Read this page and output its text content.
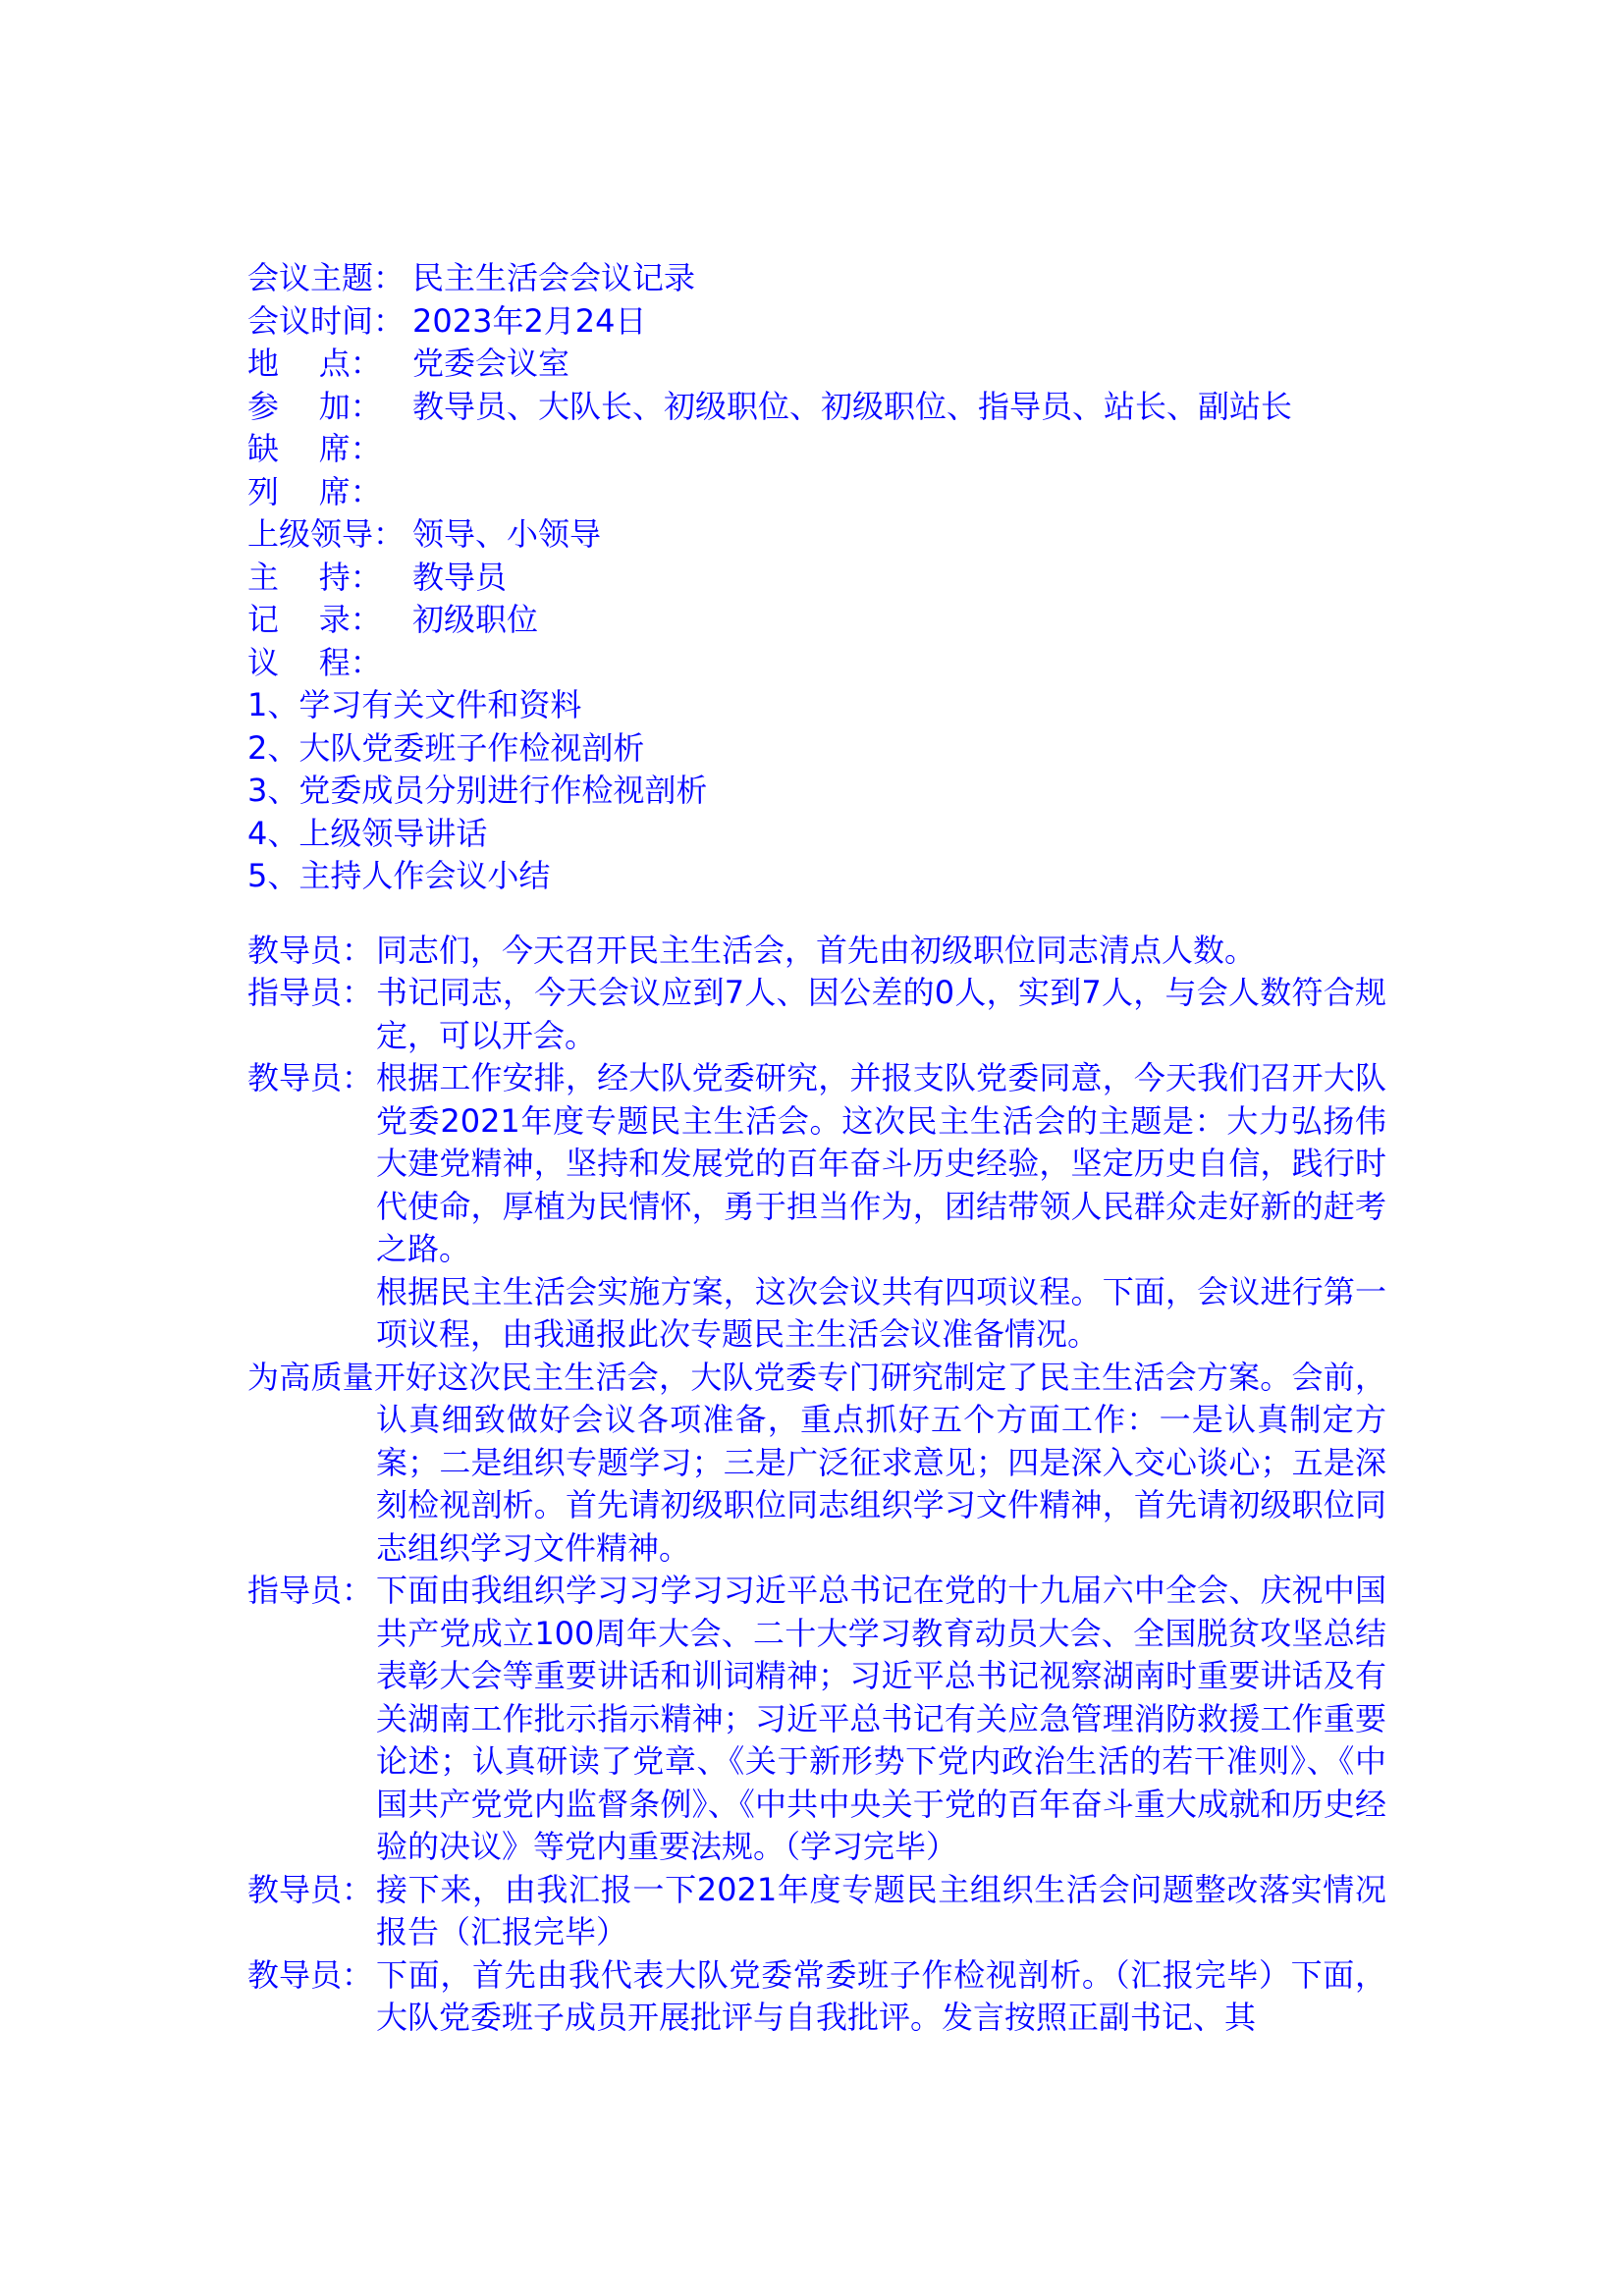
会议主题： 民主生活会会议记录
会议时间： 2023年2月24日
地    点： 党委会议室
参    加： 教导员、大队长、初级职位、初级职位、指导员、站长、副站长
缺    席：
列    席：
上级领导： 领导、小领导
主    持： 教导员
记    录： 初级职位
议    程：
1、学习有关文件和资料
2、大队党委班子作检视剖析
3、党委成员分别进行作检视剖析
4、上级领导讲话
5、主持人作会议小结
教导员： 同志们，今天召开民主生活会，首先由初级职位同志清点人数。
指导员： 书记同志，今天会议应到7人、因公差的0人，实到7人，与会人数符合规定，可以开会。
教导员： 根据工作安排，经大队党委研究，并报支队党委同意，今天我们召开大队党委2021年度专题民主生活会。这次民主生活会的主题是：大力弘扬伟大建党精神，坚持和发展党的百年奋斗历史经验，坚定历史自信，践行时代使命，厚植为民情怀，勇于担当作为，团结带领人民群众走好新的赶考之路。
根据民主生活会实施方案，这次会议共有四项议程。下面，会议进行第一项议程，由我通报此次专题民主生活会议准备情况。
为高质量开好这次民主生活会，大队党委专门研究制定了民主生活会方案。会前，认真细致做好会议各项准备，重点抓好五个方面工作：一是认真制定方案；二是组织专题学习；三是广泛征求意见；四是深入交心谈心；五是深刻检视剖析。首先请初级职位同志组织学习文件精神，首先请初级职位同志组织学习文件精神。
指导员： 下面由我组织学习习学习习近平总书记在党的十九届六中全会、庆祝中国共产党成立100周年大会、二十大学习教育动员大会、全国脱贫攻坚总结表彰大会等重要讲话和训词精神；习近平总书记视察湖南时重要讲话及有关湖南工作批示指示精神；习近平总书记有关应急管理消防救援工作重要论述；认真研读了党章、《关于新形势下党内政治生活的若干准则》、《中国共产党党内监督条例》、《中共中央关于党的百年奋斗重大成就和历史经验的决议》等党内重要法规。（学习完毕）
教导员： 接下来，由我汇报一下2021年度专题民主组织生活会问题整改落实情况报告（汇报完毕）
教导员： 下面，首先由我代表大队党委常委班子作检视剖析。（汇报完毕）下面，大队党委班子成员开展批评与自我批评。发言按照正副书记、其
